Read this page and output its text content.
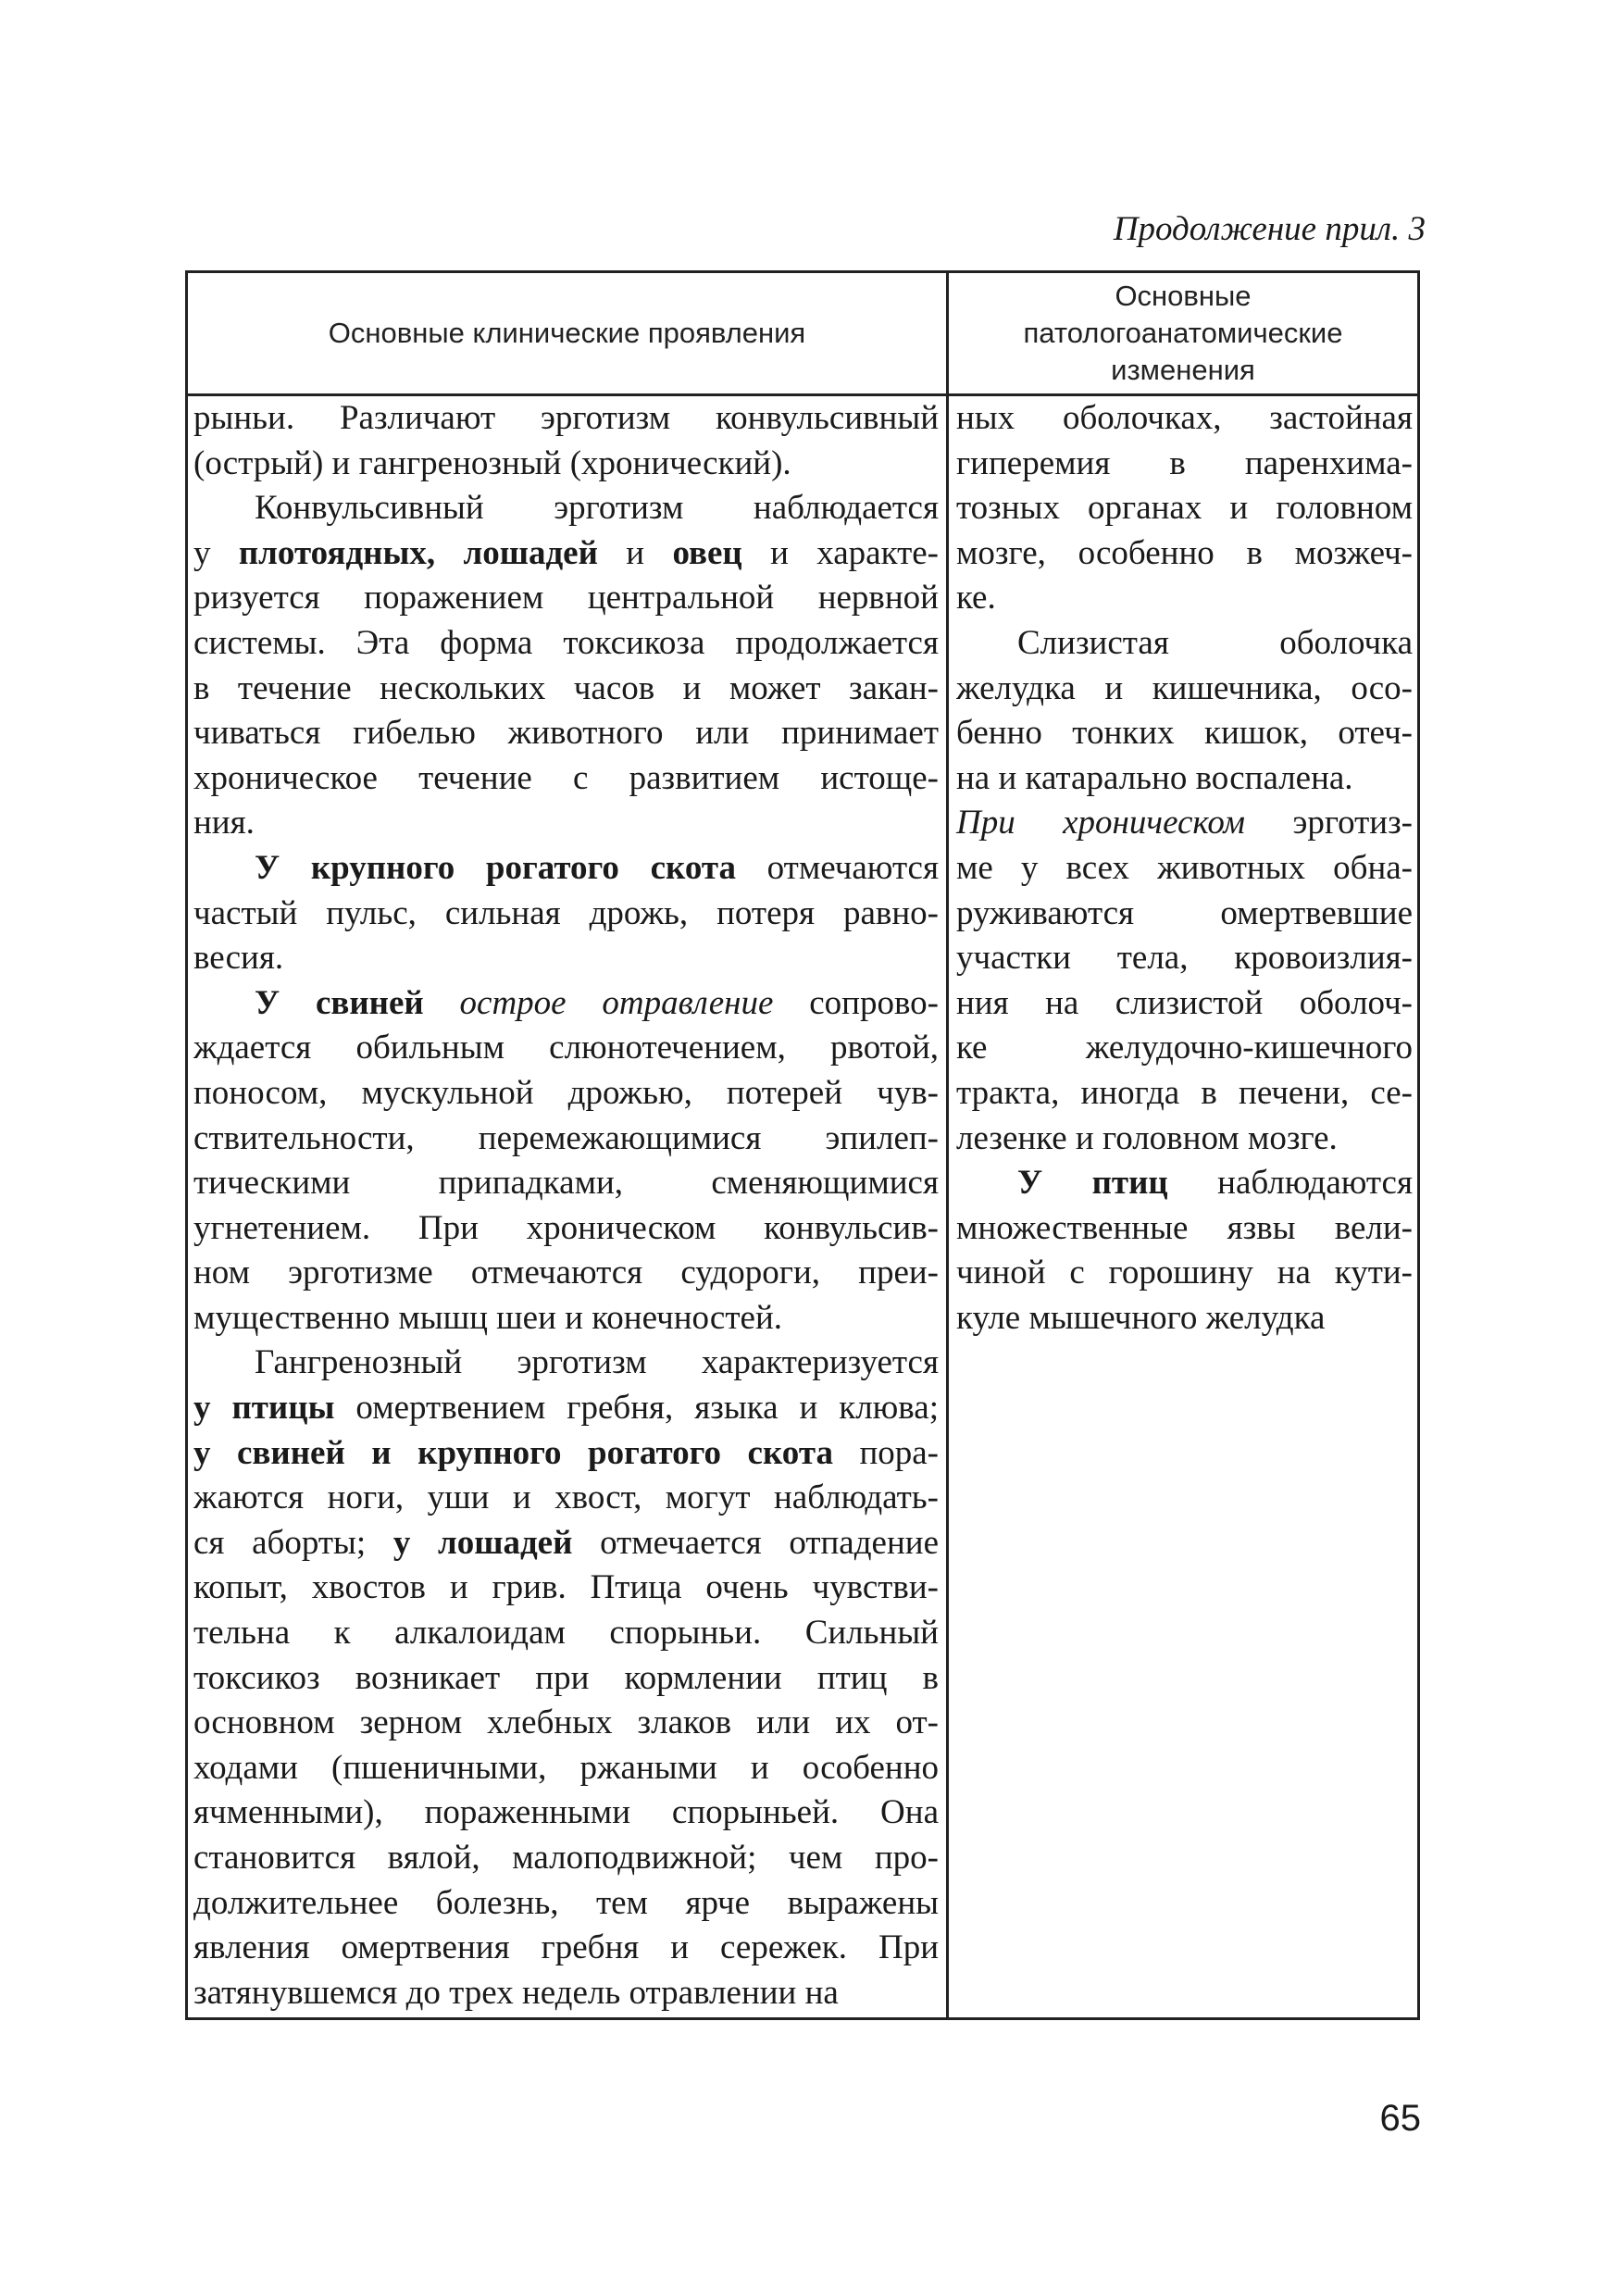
Продолжение прил. 3
Основные клинические проявления
Основные
патологоанатомические
изменения

рыньи. Различают эрготизм конвульсивный

(острый) и гангренозный (хронический).

Конвульсивный эрготизм наблюдается

у плотоядных, лошадей и овец и характе-

ризуется поражением центральной нервной

системы. Эта форма токсикоза продолжается

в течение нескольких часов и может закан-

чиваться гибелью животного или принимает

хроническое течение с развитием истоще-

ния.

У крупного рогатого скота отмечаются

частый пульс, сильная дрожь, потеря равно-

весия.

У свиней острое отравление сопрово-

ждается обильным слюнотечением, рвотой,

поносом, мускульной дрожью, потерей чув-

ствительности, перемежающимися эпилеп-

тическими припадками, сменяющимися

угнетением. При хроническом конвульсив-

ном эрготизме отмечаются судороги, преи-

мущественно мышц шеи и конечностей.

Гангренозный эрготизм характеризуется

у птицы омертвением гребня, языка и клюва;

у свиней и крупного рогатого скота пора-

жаются ноги, уши и хвост, могут наблюдать-

ся аборты; у лошадей отмечается отпадение

копыт, хвостов и грив. Птица очень чувстви-

тельна к алкалоидам спорыньи. Сильный

токсикоз возникает при кормлении птиц в

основном зерном хлебных злаков или их от-

ходами (пшеничными, ржаными и особенно

ячменными), пораженными спорыньей. Она

становится вялой, малоподвижной; чем про-

должительнее болезнь, тем ярче выражены

явления омертвения гребня и сережек. При

затянувшемся до трех недель отравлении на

ных оболочках, застойная

гиперемия в паренхима-

тозных органах и головном

мозге, особенно в мозжеч-

ке.

Слизистая оболочка

желудка и кишечника, осо-

бенно тонких кишок, отеч-

на и катарально воспалена.

При хроническом эрготиз-

ме у всех животных обна-

руживаются омертвевшие

участки тела, кровоизлия-

ния на слизистой оболоч-

ке желудочно-кишечного

тракта, иногда в печени, се-

лезенке и головном мозге.

У птиц наблюдаются

множественные язвы вели-

чиной с горошину на кути-

куле мышечного желудка

65
